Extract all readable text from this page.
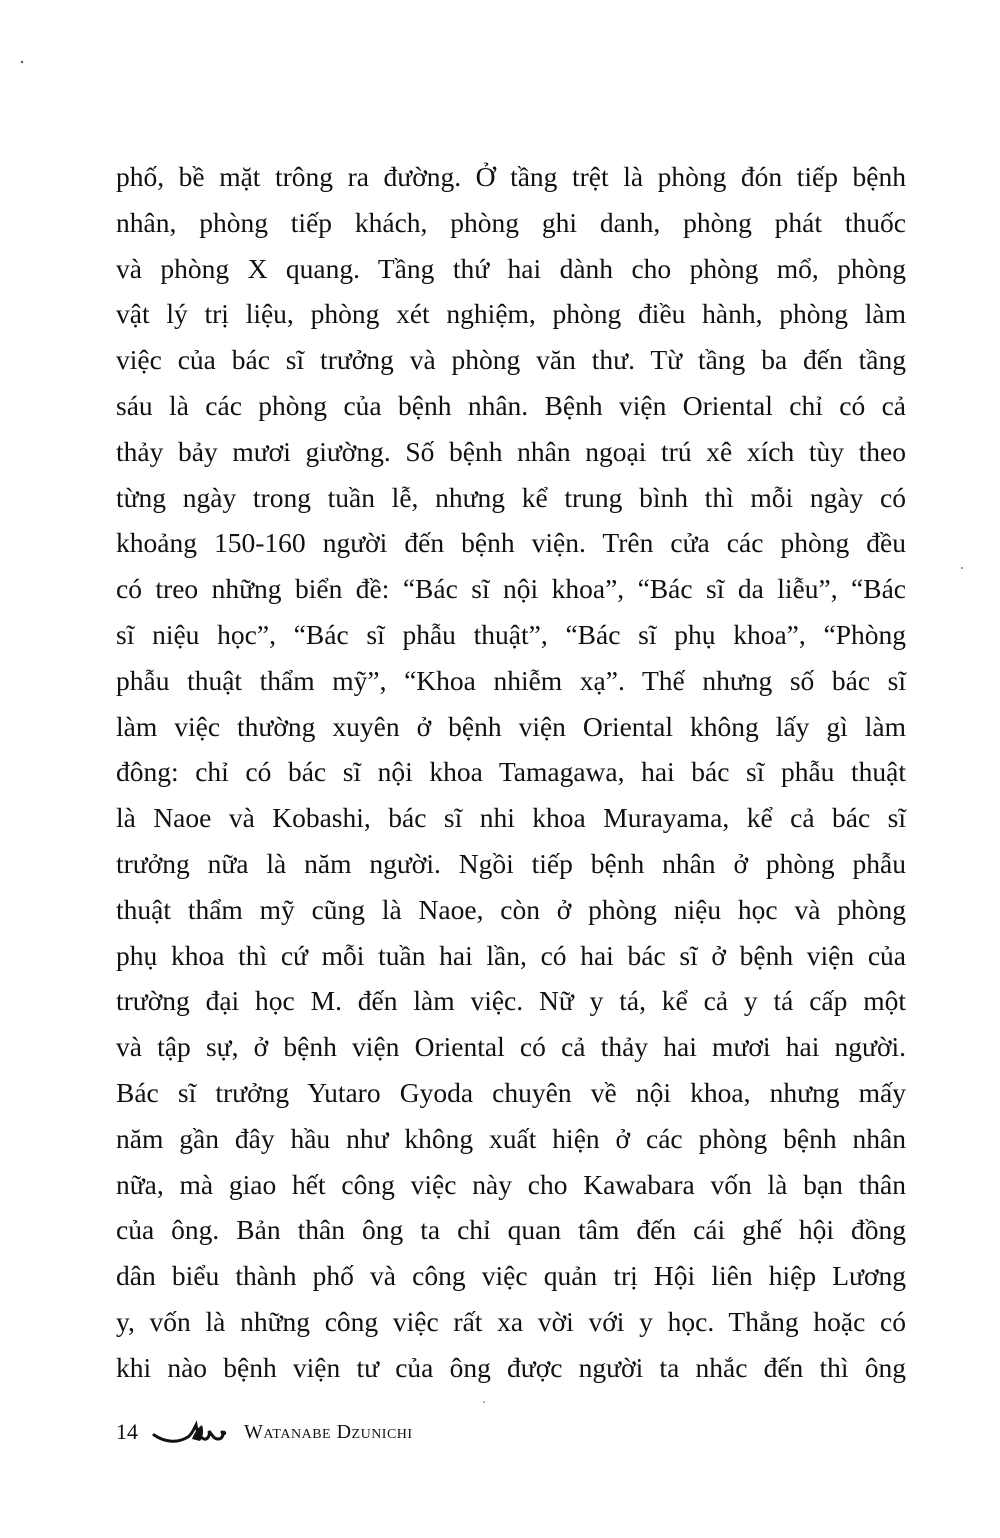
phố, bề mặt trông ra đường. Ở tầng trệt là phòng đón tiếp bệnh
nhân, phòng tiếp khách, phòng ghi danh, phòng phát thuốc
và phòng X quang. Tầng thứ hai dành cho phòng mổ, phòng
vật lý trị liệu, phòng xét nghiệm, phòng điều hành, phòng làm
việc của bác sĩ trưởng và phòng văn thư. Từ tầng ba đến tầng
sáu là các phòng của bệnh nhân. Bệnh viện Oriental chỉ có cả
thảy bảy mươi giường. Số bệnh nhân ngoại trú xê xích tùy theo
từng ngày trong tuần lễ, nhưng kể trung bình thì mỗi ngày có
khoảng 150-160 người đến bệnh viện. Trên cửa các phòng đều
có treo những biển đề: “Bác sĩ nội khoa”, “Bác sĩ da liễu”, “Bác
sĩ niệu học”, “Bác sĩ phẫu thuật”, “Bác sĩ phụ khoa”, “Phòng
phẫu thuật thẩm mỹ”, “Khoa nhiễm xạ”. Thế nhưng số bác sĩ
làm việc thường xuyên ở bệnh viện Oriental không lấy gì làm
đông: chỉ có bác sĩ nội khoa Tamagawa, hai bác sĩ phẫu thuật
là Naoe và Kobashi, bác sĩ nhi khoa Murayama, kể cả bác sĩ
trưởng nữa là năm người. Ngồi tiếp bệnh nhân ở phòng phẫu
thuật thẩm mỹ cũng là Naoe, còn ở phòng niệu học và phòng
phụ khoa thì cứ mỗi tuần hai lần, có hai bác sĩ ở bệnh viện của
trường đại học M. đến làm việc. Nữ y tá, kể cả y tá cấp một
và tập sự, ở bệnh viện Oriental có cả thảy hai mươi hai người.
Bác sĩ trưởng Yutaro Gyoda chuyên về nội khoa, nhưng mấy
năm gần đây hầu như không xuất hiện ở các phòng bệnh nhân
nữa, mà giao hết công việc này cho Kawabara vốn là bạn thân
của ông. Bản thân ông ta chỉ quan tâm đến cái ghế hội đồng
dân biểu thành phố và công việc quản trị Hội liên hiệp Lương
y, vốn là những công việc rất xa vời với y học. Thẳng hoặc có
khi nào bệnh viện tư của ông được người ta nhắc đến thì ông
14	Watanabe Dzunichi
